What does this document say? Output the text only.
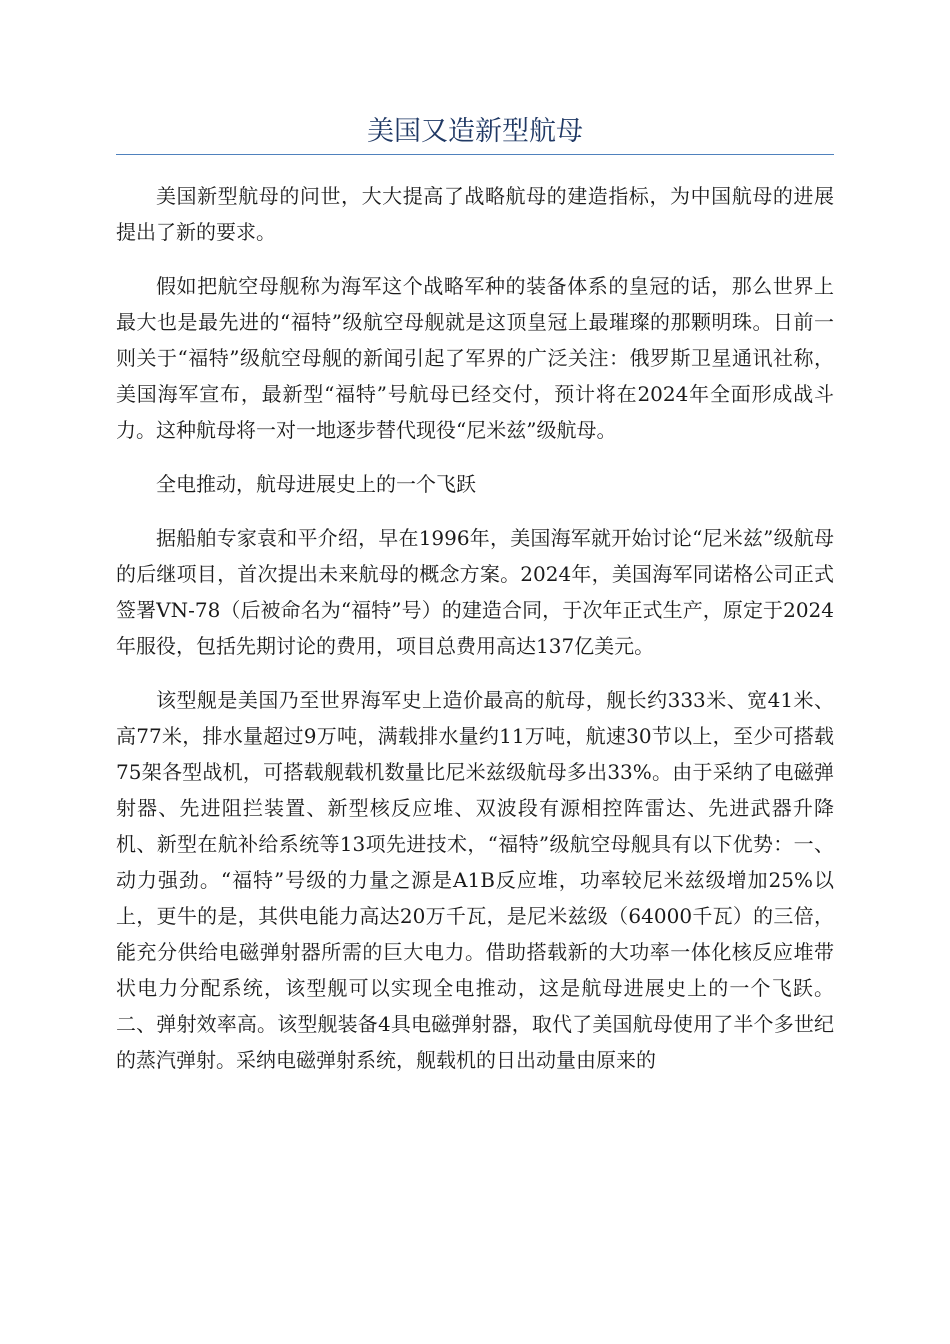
美国又造新型航母

美国新型航母的问世，大大提高了战略航母的建造指标，为中国航母的进展提出了新的要求。

假如把航空母舰称为海军这个战略军种的装备体系的皇冠的话，那么世界上最大也是最先进的“福特”级航空母舰就是这顶皇冠上最璀璨的那颗明珠。日前一则关于“福特”级航空母舰的新闻引起了军界的广泛关注：俄罗斯卫星通讯社称，美国海军宣布，最新型“福特”号航母已经交付，预计将在2024年全面形成战斗力。这种航母将一对一地逐步替代现役“尼米兹”级航母。

全电推动，航母进展史上的一个飞跃

据船舶专家袁和平介绍，早在1996年，美国海军就开始讨论“尼米兹”级航母的后继项目，首次提出未来航母的概念方案。2024年，美国海军同诺格公司正式签署VN-78（后被命名为“福特”号）的建造合同，于次年正式生产，原定于2024年服役，包括先期讨论的费用，项目总费用高达137亿美元。

该型舰是美国乃至世界海军史上造价最高的航母，舰长约333米、宽41米、高77米，排水量超过9万吨，满载排水量约11万吨，航速30节以上，至少可搭载75架各型战机，可搭载舰载机数量比尼米兹级航母多出33%。由于采纳了电磁弹射器、先进阻拦装置、新型核反应堆、双波段有源相控阵雷达、先进武器升降机、新型在航补给系统等13项先进技术，“福特”级航空母舰具有以下优势：一、动力强劲。“福特”号级的力量之源是A1B反应堆，功率较尼米兹级增加25%以上，更牛的是，其供电能力高达20万千瓦，是尼米兹级（64000千瓦）的三倍，能充分供给电磁弹射器所需的巨大电力。借助搭载新的大功率一体化核反应堆带状电力分配系统，该型舰可以实现全电推动，这是航母进展史上的一个飞跃。二、弹射效率高。该型舰装备4具电磁弹射器，取代了美国航母使用了半个多世纪的蒸汽弹射。采纳电磁弹射系统，舰载机的日出动量由原来的
